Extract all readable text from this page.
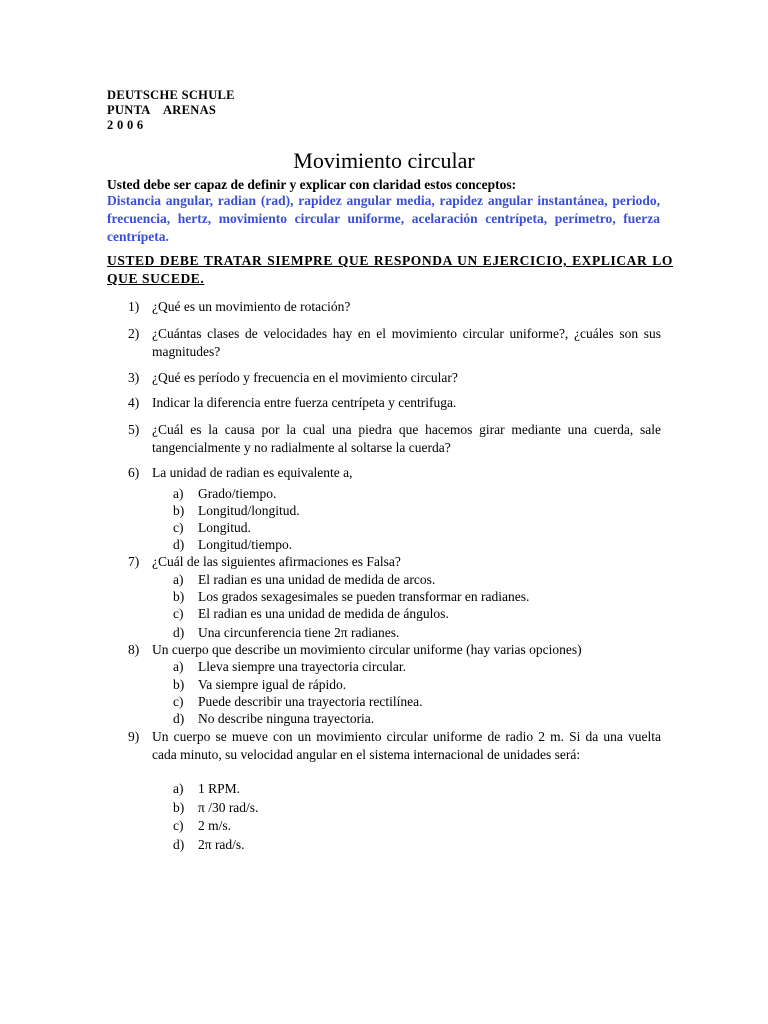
DEUTSCHE SCHULE
PUNTA    ARENAS
2 0 0 6
Movimiento circular
Usted debe ser capaz de definir y explicar con claridad estos conceptos:
Distancia angular, radian (rad), rapidez angular media, rapidez angular instantánea, periodo, frecuencia, hertz, movimiento circular uniforme, acelaración centrípeta, perímetro, fuerza centrípeta.
USTED DEBE TRATAR SIEMPRE QUE RESPONDA UN EJERCICIO, EXPLICAR LO QUE SUCEDE.
1) ¿Qué es un movimiento de rotación?
2) ¿Cuántas clases de velocidades hay en el movimiento circular uniforme?, ¿cuáles son sus magnitudes?
3) ¿Qué es período y frecuencia en el movimiento circular?
4) Indicar la diferencia entre fuerza centrípeta y centrifuga.
5) ¿Cuál es la causa por la cual una piedra que hacemos girar mediante una cuerda, sale tangencialmente y no radialmente al soltarse la cuerda?
6) La unidad de radian es equivalente a,
a) Grado/tiempo.
b) Longitud/longitud.
c) Longitud.
d) Longitud/tiempo.
7) ¿Cuál de las siguientes afirmaciones es Falsa?
a) El radian es una unidad de medida de arcos.
b) Los grados sexagesimales se pueden transformar en radianes.
c) El radian es una unidad de medida de ángulos.
d) Una circunferencia tiene 2π radianes.
8) Un cuerpo que describe un movimiento circular uniforme (hay varias opciones)
a) Lleva siempre una trayectoria circular.
b) Va siempre igual de rápido.
c) Puede describir una trayectoria rectilínea.
d) No describe ninguna trayectoria.
9) Un cuerpo se mueve con un movimiento circular uniforme de radio 2 m. Si da una vuelta cada minuto, su velocidad angular en el sistema internacional de unidades será:
a) 1 RPM.
b) π /30 rad/s.
c) 2 m/s.
d) 2π rad/s.
